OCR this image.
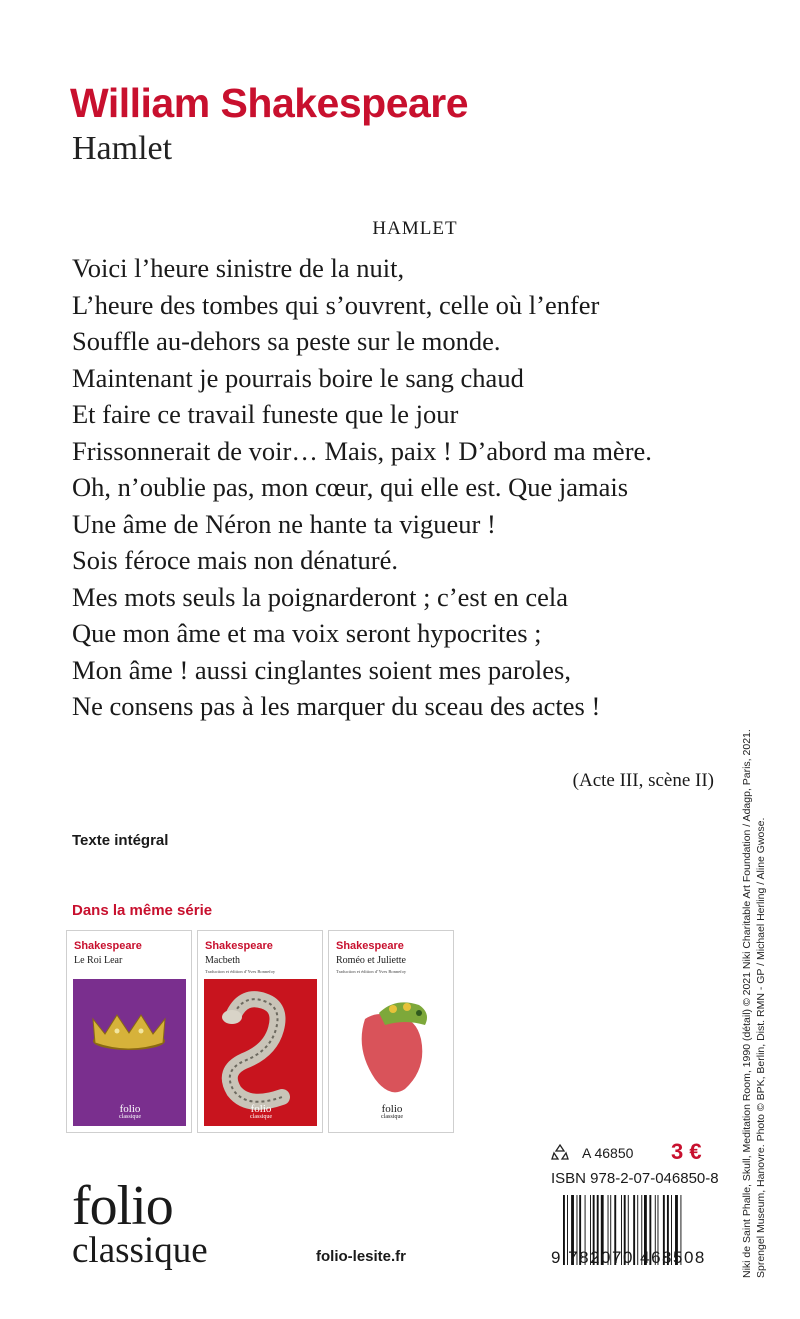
William Shakespeare
Hamlet
HAMLET
Voici l’heure sinistre de la nuit,
L’heure des tombes qui s’ouvrent, celle où l’enfer
Souffle au-dehors sa peste sur le monde.
Maintenant je pourrais boire le sang chaud
Et faire ce travail funeste que le jour
Frissonnerait de voir… Mais, paix ! D’abord ma mère.
Oh, n’oublie pas, mon cœur, qui elle est. Que jamais
Une âme de Néron ne hante ta vigueur !
Sois féroce mais non dénaturé.
Mes mots seuls la poignarderont ; c’est en cela
Que mon âme et ma voix seront hypocrites ;
Mon âme ! aussi cinglantes soient mes paroles,
Ne consens pas à les marquer du sceau des actes !
(Acte III, scène II)
Texte intégral
Dans la même série
Shakespeare
Le Roi Lear
folio
classique
Shakespeare
Macbeth
Traduction et édition d’Yves Bonnefoy
folio
classique
Shakespeare
Roméo et Juliette
Traduction et édition d’Yves Bonnefoy
folio
classique
A 46850 3 €
ISBN 978-2-07-046850-8
9 782070 468508
folio
classique	folio-lesite.fr	Niki de Saint Phalle, Skull, Meditation Room, 1990 (détail) © 2021 Niki Charitable Art Foundation / Adagp, Paris, 2021. Sprengel Museum, Hanovre. Photo © BPK, Berlin, Dist. RMN - GP / Michael Herling / Aline Gwose.
